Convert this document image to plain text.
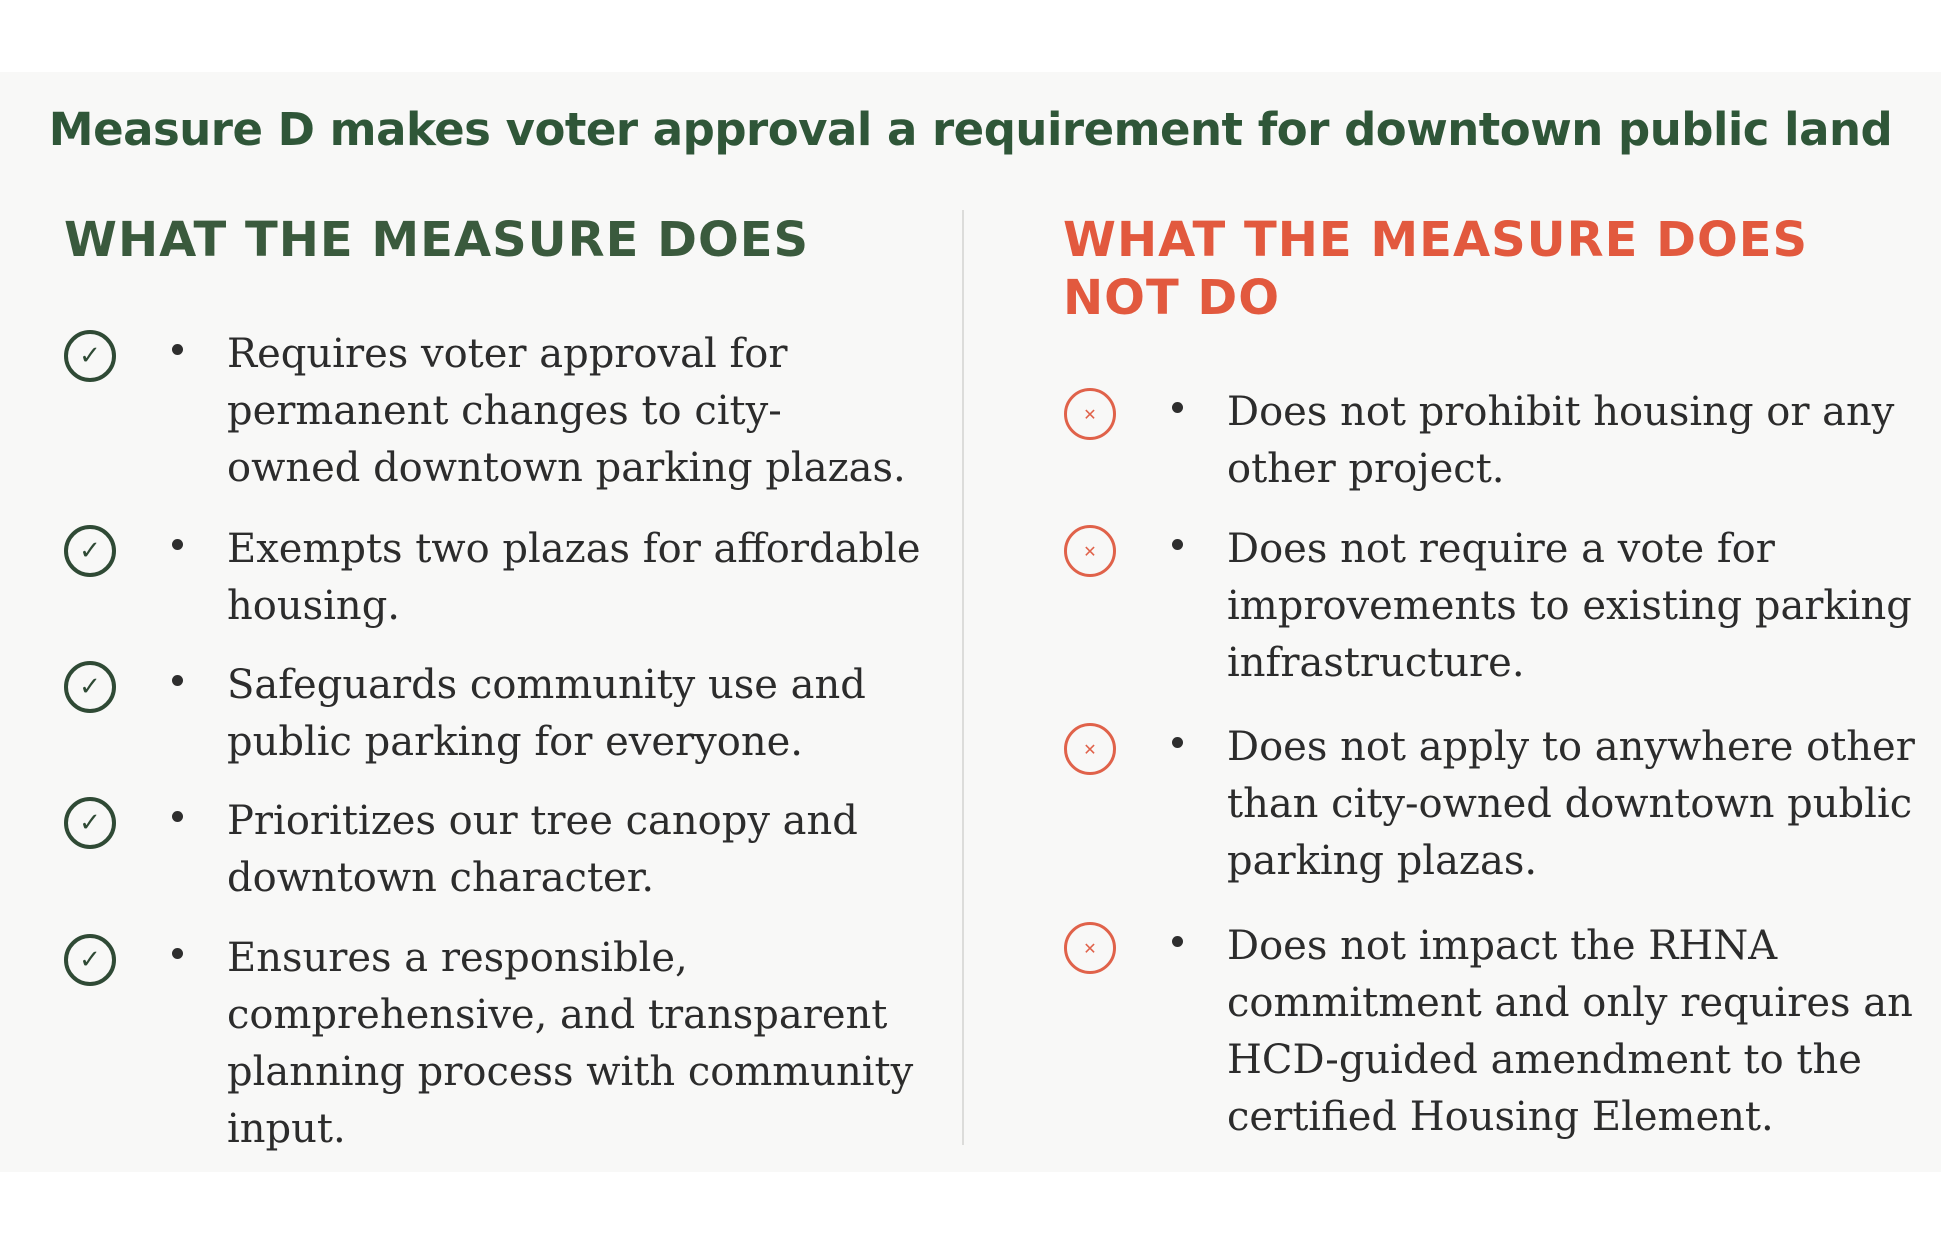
Measure D makes voter approval a requirement for downtown public land
WHAT THE MEASURE DOES	WHAT THE MEASURE DOES
NOT DO
✓	Requires voter approval for
permanent changes to city-
owned downtown parking plazas.
✓	Exempts two plazas for affordable
housing.
✓	Safeguards community use and
public parking for everyone.
✓	Prioritizes our tree canopy and
downtown character.
✓	Ensures a responsible,
comprehensive, and transparent
planning process with community
input.
✕	Does not prohibit housing or any
other project.
✕	Does not require a vote for
improvements to existing parking
infrastructure.
✕	Does not apply to anywhere other
than city-owned downtown public
parking plazas.
✕	Does not impact the RHNA
commitment and only requires an
HCD-guided amendment to the
certified Housing Element.
